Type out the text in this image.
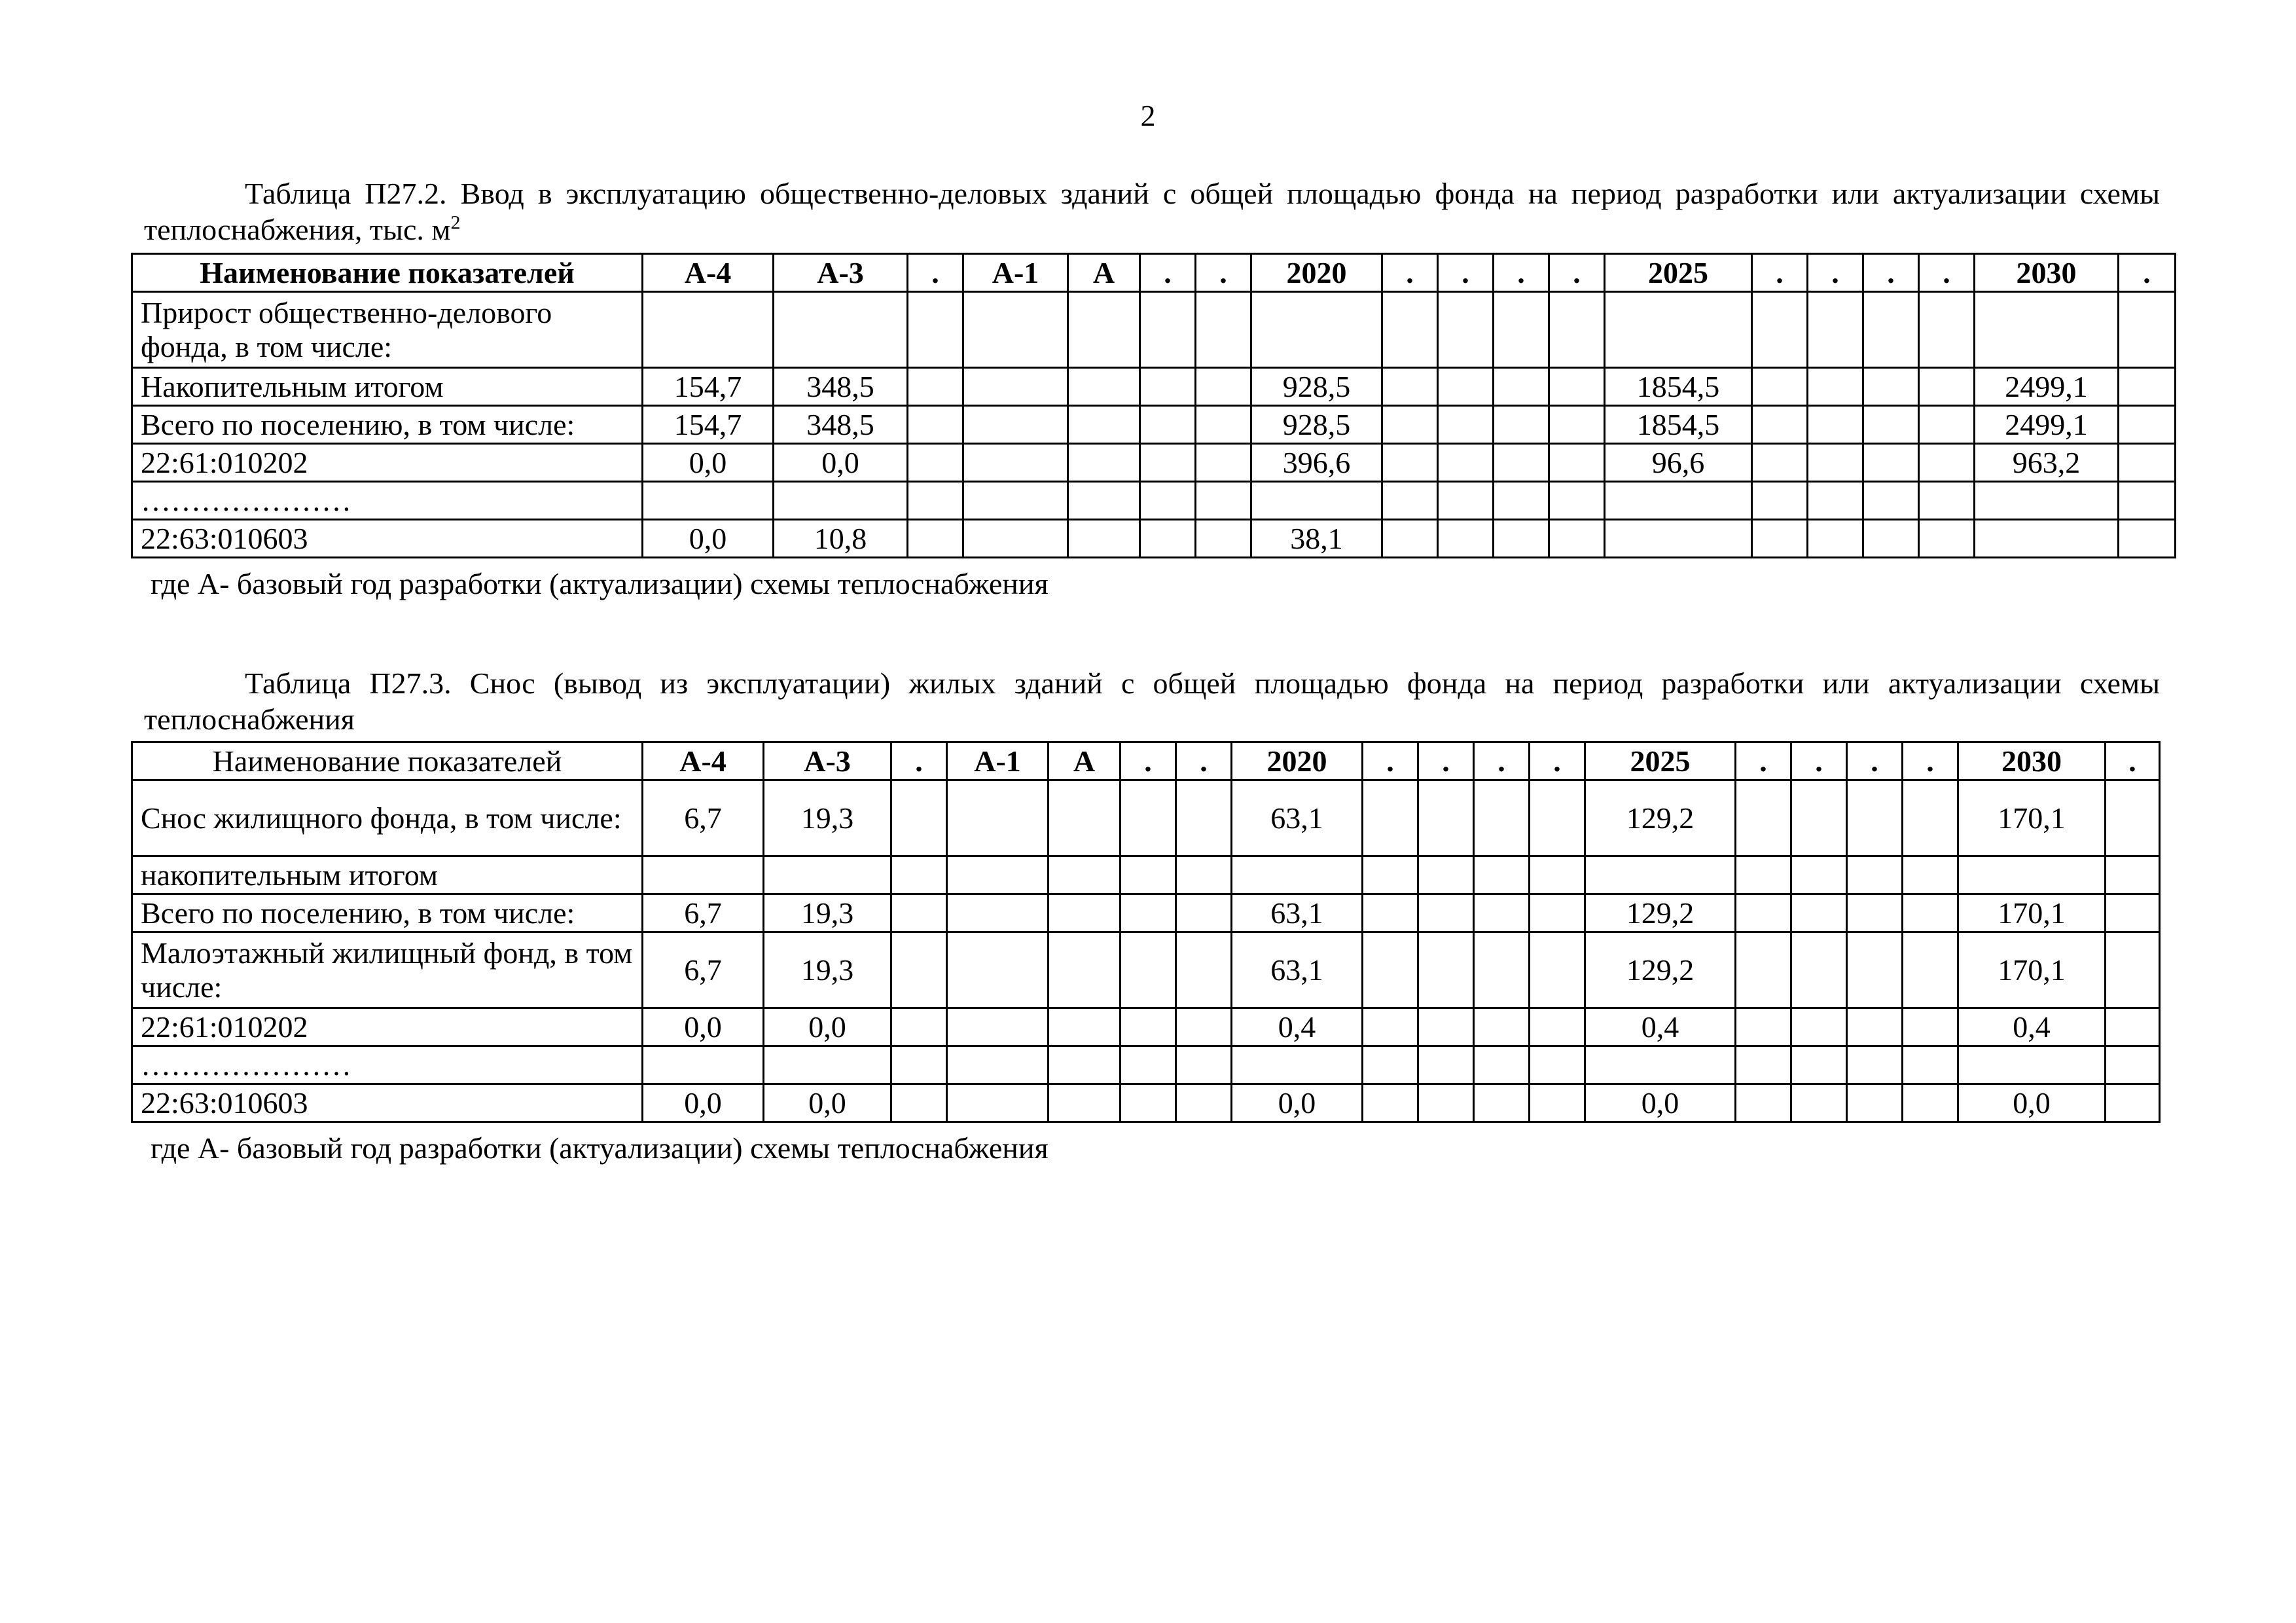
2
Таблица П27.2. Ввод в эксплуатацию общественно-деловых зданий с общей площадью фонда на период разработки или актуализации схемы теплоснабжения, тыс. $м^2$
Наименование показателей	А-4	А-3	.	А-1	А	.	.	2020	.	.	.	.	2025	.	.	.	.	2030	.
Прирост общественно-делового фонда, в том числе:																			
Накопительным итогом	154,7	348,5						928,5					1854,5					2499,1	
Всего по поселению, в том числе:	154,7	348,5						928,5					1854,5					2499,1	
22:61:010202	0,0	0,0						396,6					96,6					963,2	
…………………																			
22:63:010603	0,0	10,8						38,1											
где А- базовый год разработки (актуализации) схемы теплоснабжения
Таблица П27.3. Снос (вывод из эксплуатации) жилых зданий с общей площадью фонда на период разработки или актуализации схемы теплоснабжения
Наименование показателей	А-4	А-3	.	А-1	А	.	.	2020	.	.	.	.	2025	.	.	.	.	2030	.
Снос жилищного фонда, в том числе:	6,7	19,3						63,1					129,2					170,1	
накопительным итогом																			
Всего по поселению, в том числе:	6,7	19,3						63,1					129,2					170,1	
Малоэтажный жилищный фонд, в том числе:	6,7	19,3						63,1					129,2					170,1	
22:61:010202	0,0	0,0						0,4					0,4					0,4	
…………………																			
22:63:010603	0,0	0,0						0,0					0,0					0,0	
где А- базовый год разработки (актуализации) схемы теплоснабжения
